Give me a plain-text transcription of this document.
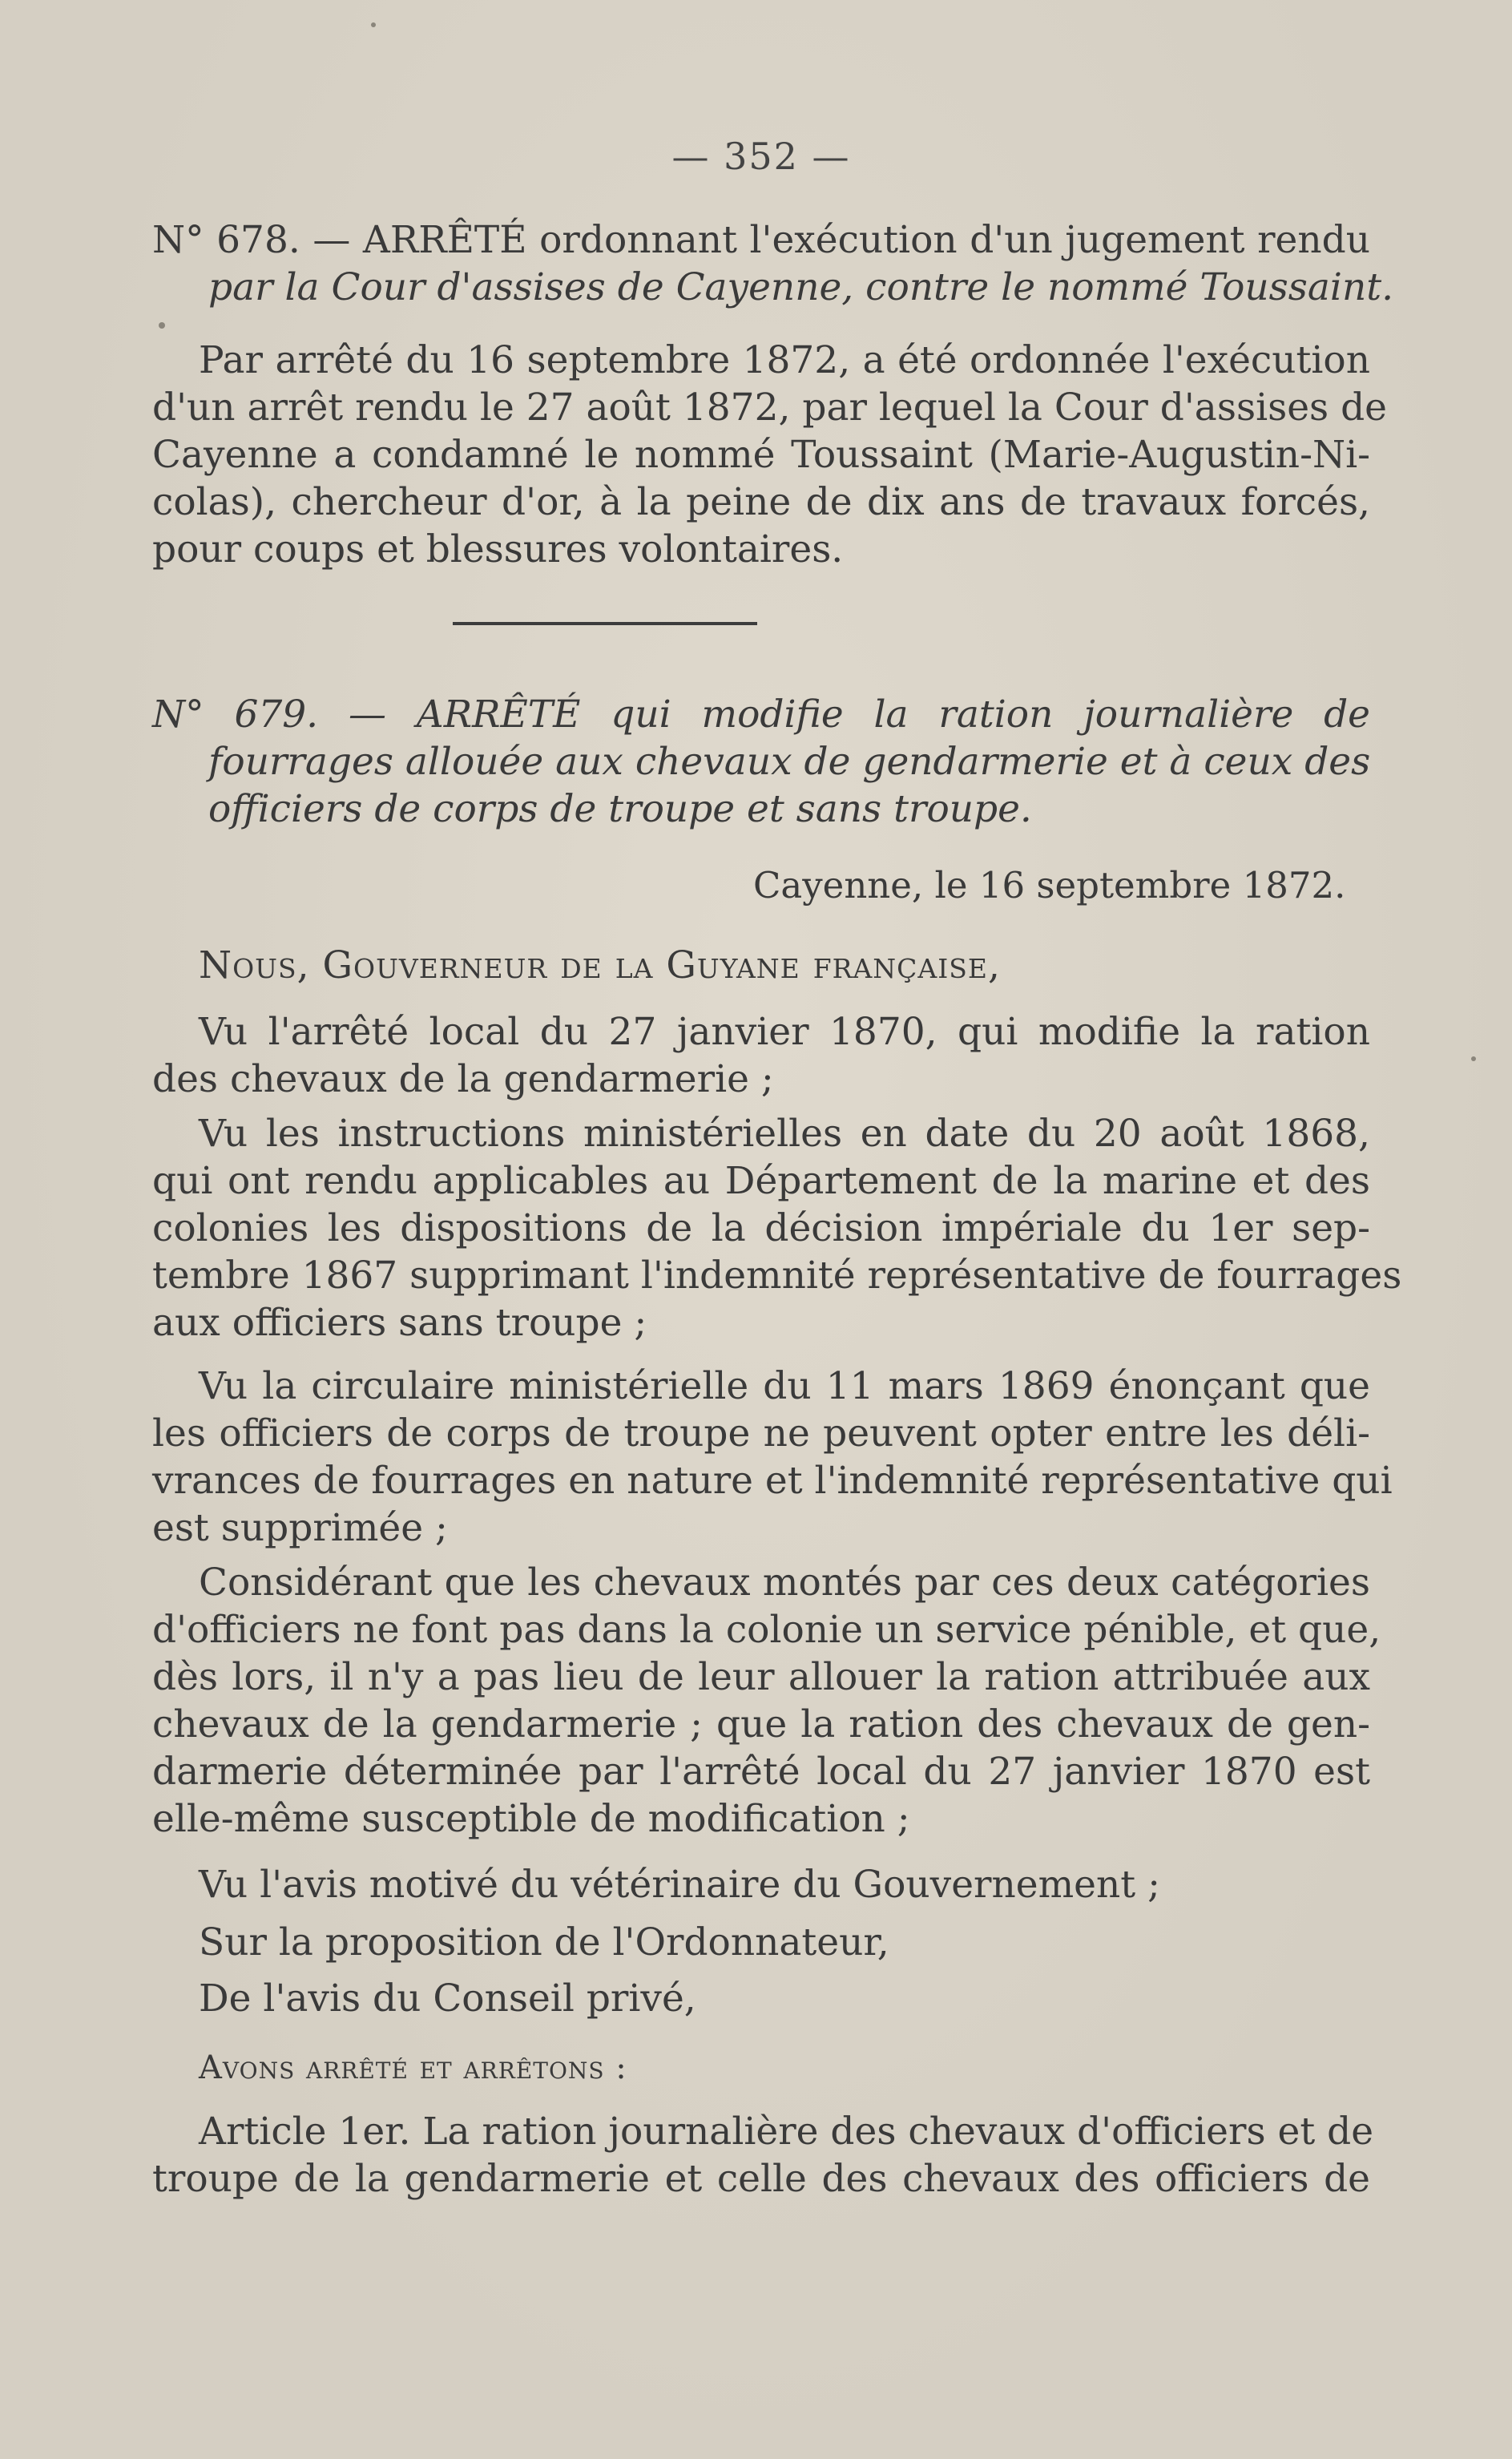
— 352 —
N° 678. — ARRÊTÉ ordonnant l'exécution d'un jugement rendu
par la Cour d'assises de Cayenne, contre le nommé Toussaint.
Par arrêté du 16 septembre 1872, a été ordonnée l'exécution
d'un arrêt rendu le 27 août 1872, par lequel la Cour d'assises de
Cayenne a condamné le nommé Toussaint (Marie-Augustin-Ni-
colas), chercheur d'or, à la peine de dix ans de travaux forcés,
pour coups et blessures volontaires.
N° 679. — ARRÊTÉ qui modifie la ration journalière de
fourrages allouée aux chevaux de gendarmerie et à ceux des
officiers de corps de troupe et sans troupe.
Cayenne, le 16 septembre 1872.
Nous, Gouverneur de la Guyane française,
Vu l'arrêté local du 27 janvier 1870, qui modifie la ration
des chevaux de la gendarmerie ;
Vu les instructions ministérielles en date du 20 août 1868,
qui ont rendu applicables au Département de la marine et des
colonies les dispositions de la décision impériale du 1er sep-
tembre 1867 supprimant l'indemnité représentative de fourrages
aux officiers sans troupe ;
Vu la circulaire ministérielle du 11 mars 1869 énonçant que
les officiers de corps de troupe ne peuvent opter entre les déli-
vrances de fourrages en nature et l'indemnité représentative qui
est supprimée ;
Considérant que les chevaux montés par ces deux catégories
d'officiers ne font pas dans la colonie un service pénible, et que,
dès lors, il n'y a pas lieu de leur allouer la ration attribuée aux
chevaux de la gendarmerie ; que la ration des chevaux de gen-
darmerie déterminée par l'arrêté local du 27 janvier 1870 est
elle-même susceptible de modification ;
Vu l'avis motivé du vétérinaire du Gouvernement ;
Sur la proposition de l'Ordonnateur,
De l'avis du Conseil privé,
Avons arrêté et arrêtons :
Article 1er. La ration journalière des chevaux d'officiers et de
troupe de la gendarmerie et celle des chevaux des officiers de
